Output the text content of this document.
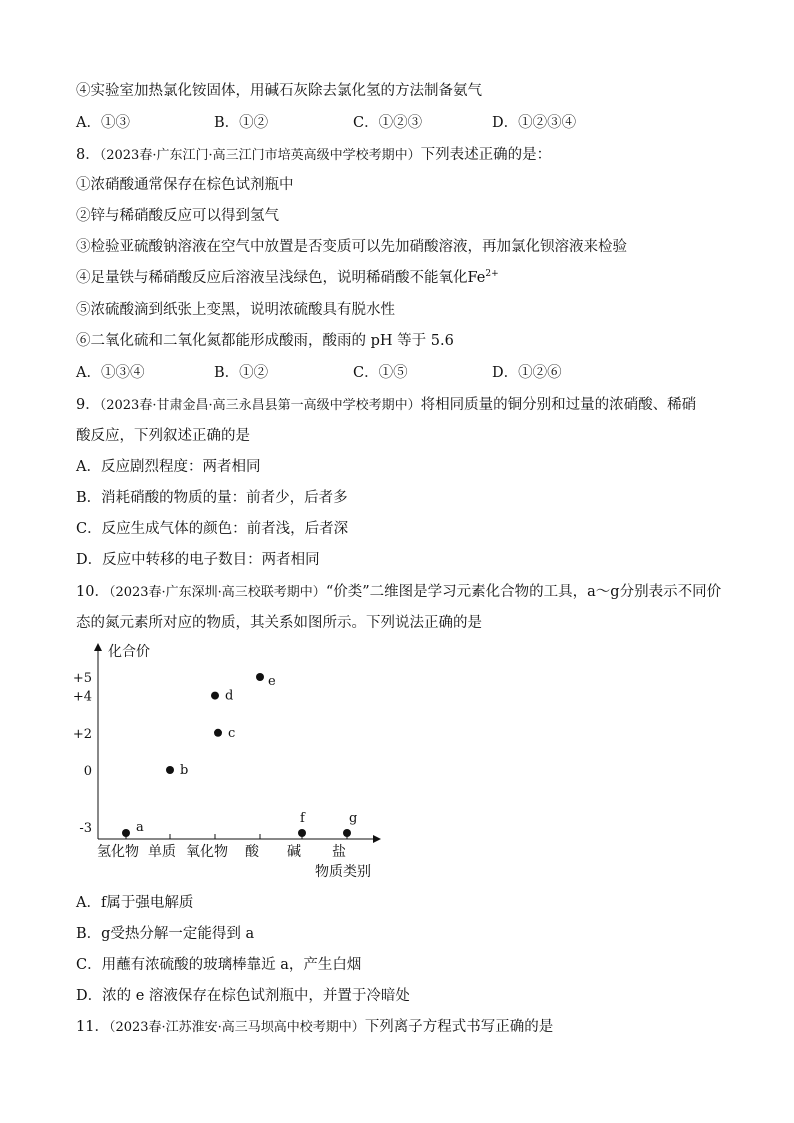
④实验室加热氯化铵固体，用碱石灰除去氯化氢的方法制备氨气
A．①③	B．①②	C．①②③	D．①②③④
8．（2023春·广东江门·高三江门市培英高级中学校考期中）下列表述正确的是：
①浓硝酸通常保存在棕色试剂瓶中
②锌与稀硝酸反应可以得到氢气
③检验亚硫酸钠溶液在空气中放置是否变质可以先加硝酸溶液，再加氯化钡溶液来检验
④足量铁与稀硝酸反应后溶液呈浅绿色，说明稀硝酸不能氧化$Fe^{2+}$
⑤浓硫酸滴到纸张上变黑，说明浓硫酸具有脱水性
⑥二氧化硫和二氧化氮都能形成酸雨，酸雨的 pH 等于 5.6
A．①③④	B．①②	C．①⑤	D．①②⑥
9．（2023春·甘肃金昌·高三永昌县第一高级中学校考期中）将相同质量的铜分别和过量的浓硝酸、稀硝
酸反应，下列叙述正确的是
A．反应剧烈程度：两者相同
B．消耗硝酸的物质的量：前者少，后者多
C．反应生成气体的颜色：前者浅，后者深
D．反应中转移的电子数目：两者相同
10．（2023春·广东深圳·高三校联考期中）“价类”二维图是学习元素化合物的工具，a～g分别表示不同价
态的氮元素所对应的物质，其关系如图所示。下列说法正确的是
化合价
物质类别
+5
+4
+2
0
-3
氢化物 单质 氧化物 酸 碱 盐
a
b
c
d
e
f	g
A．f属于强电解质
B．g受热分解一定能得到 a
C．用蘸有浓硫酸的玻璃棒靠近 a，产生白烟
D．浓的 e 溶液保存在棕色试剂瓶中，并置于冷暗处
11．（2023春·江苏淮安·高三马坝高中校考期中）下列离子方程式书写正确的是
